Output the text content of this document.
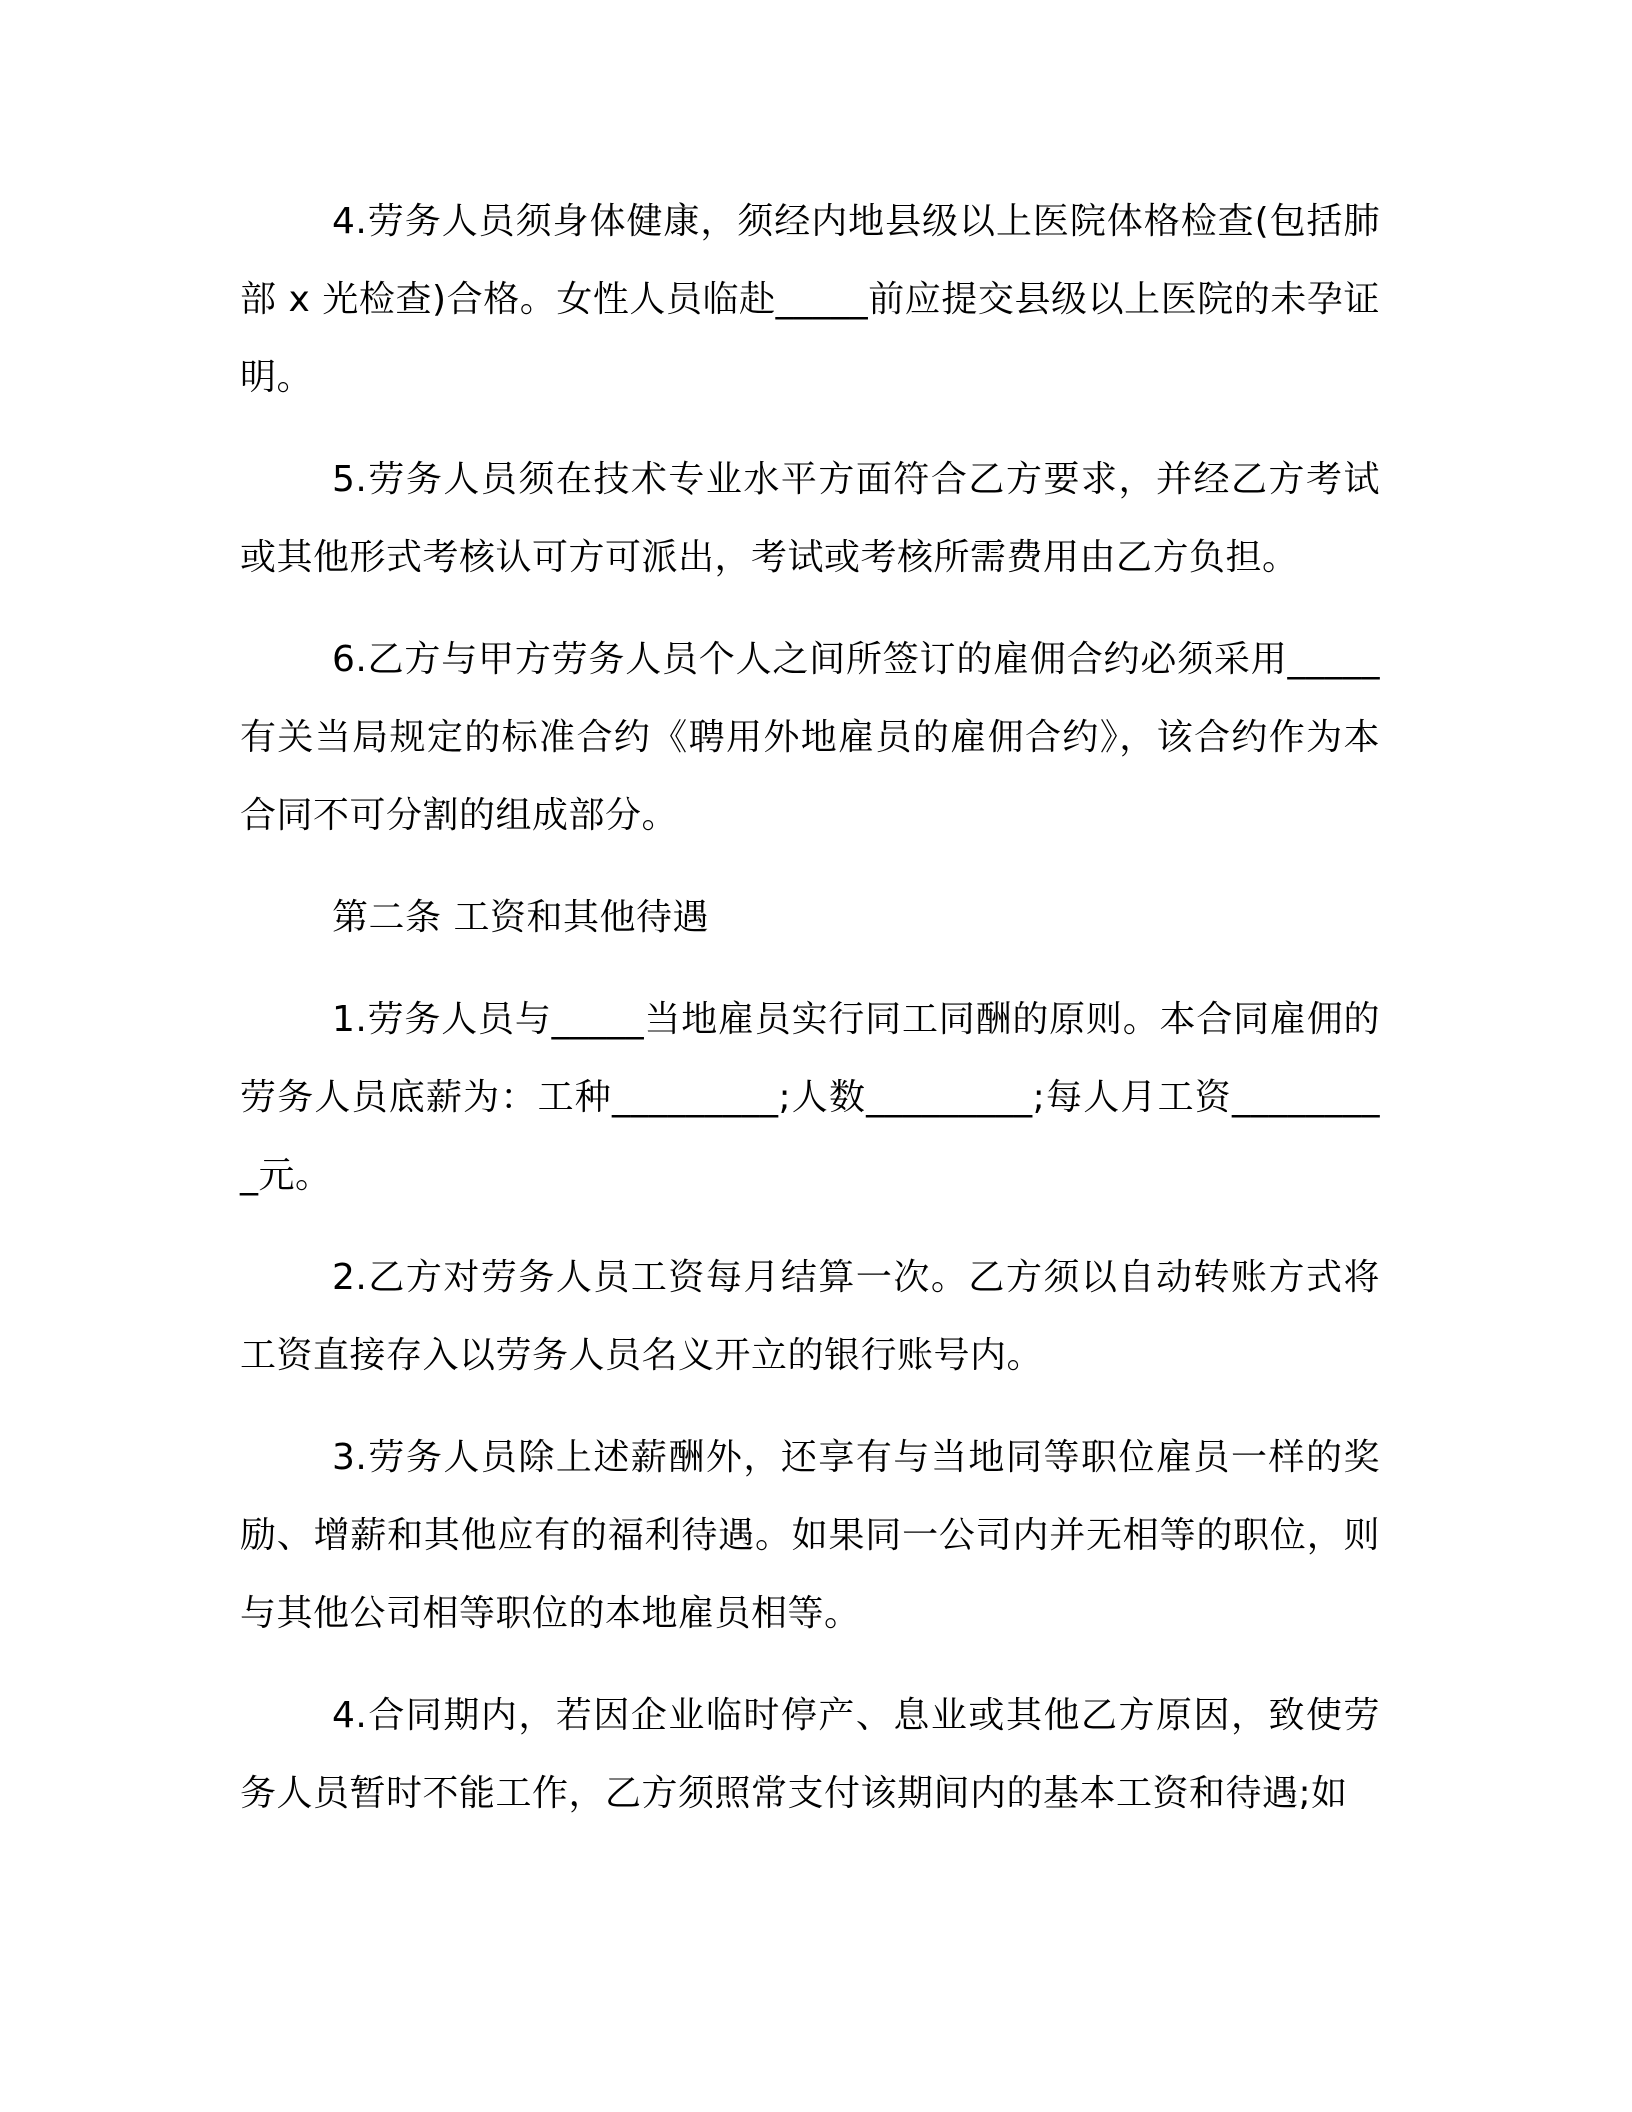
4.劳务人员须身体健康，须经内地县级以上医院体格检查(包括肺部 x 光检查)合格。女性人员临赴_____前应提交县级以上医院的未孕证明。

5.劳务人员须在技术专业水平方面符合乙方要求，并经乙方考试或其他形式考核认可方可派出，考试或考核所需费用由乙方负担。

6.乙方与甲方劳务人员个人之间所签订的雇佣合约必须采用_____有关当局规定的标准合约《聘用外地雇员的雇佣合约》，该合约作为本合同不可分割的组成部分。

第二条 工资和其他待遇

1.劳务人员与_____当地雇员实行同工同酬的原则。本合同雇佣的劳务人员底薪为：工种_________;人数_________;每人月工资_________元。

2.乙方对劳务人员工资每月结算一次。乙方须以自动转账方式将工资直接存入以劳务人员名义开立的银行账号内。

3.劳务人员除上述薪酬外，还享有与当地同等职位雇员一样的奖励、增薪和其他应有的福利待遇。如果同一公司内并无相等的职位，则与其他公司相等职位的本地雇员相等。

4.合同期内，若因企业临时停产、息业或其他乙方原因，致使劳务人员暂时不能工作，乙方须照常支付该期间内的基本工资和待遇;如
